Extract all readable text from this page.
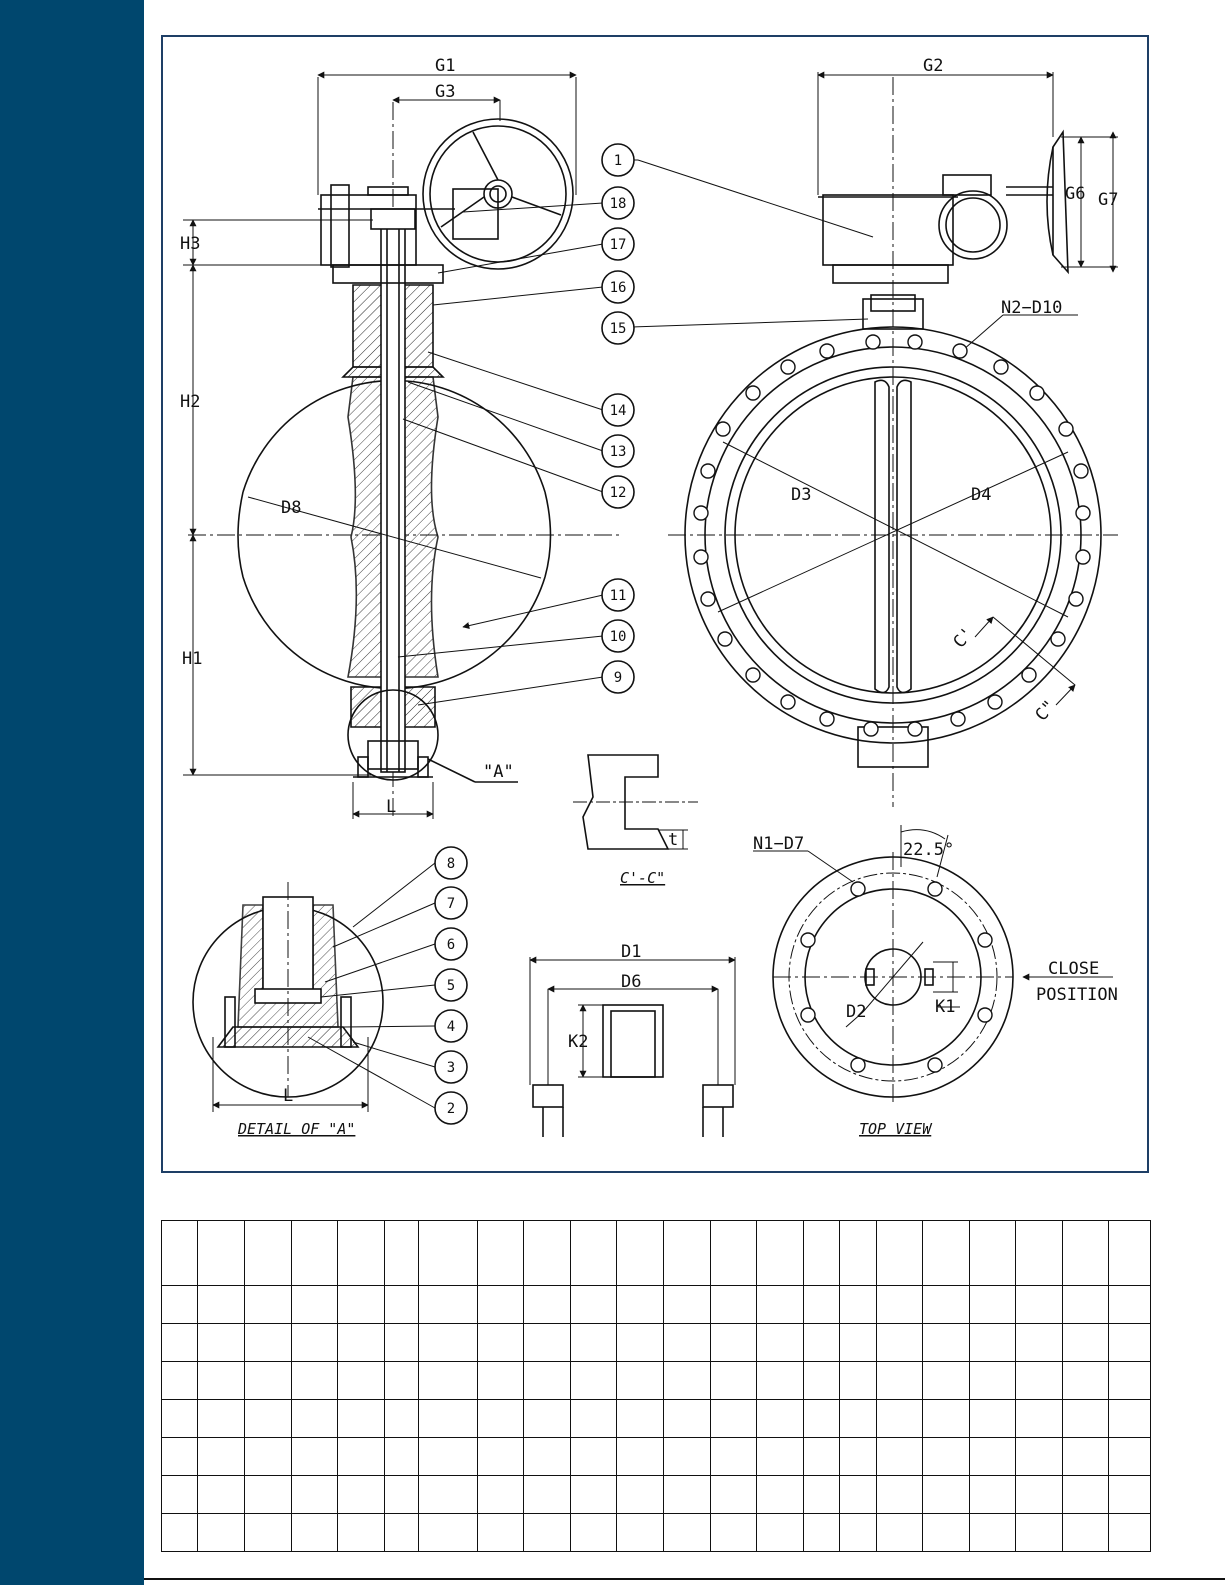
1
18
17
16
15
14
13
12
11
10
9
8
7
6
5
4
3
2
G1
G3
G2
G6 G7
H3
H2
H1
D8
L
D3	D4
N2−D10
"A"
C'
C"
t
D1
D6
K2
L
N1−D7	22.5°
D2	K1
CLOSE
POSITION
DETAIL OF "A"
C'-C"
TOP VIEW
